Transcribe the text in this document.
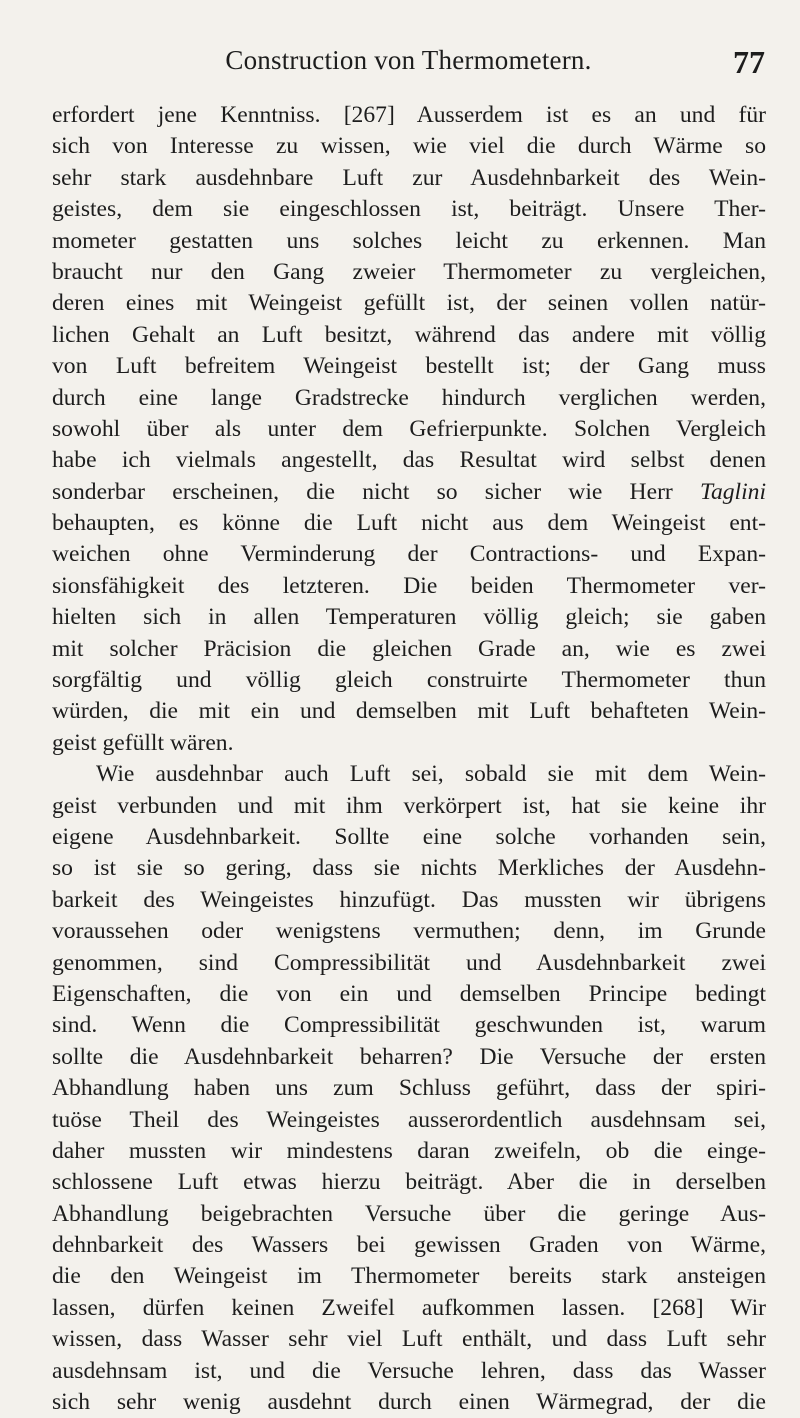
Construction von Thermometern.	77
erfordert jene Kenntniss. [267] Ausserdem ist es an und für
sich von Interesse zu wissen, wie viel die durch Wärme so
sehr stark ausdehnbare Luft zur Ausdehnbarkeit des Wein-
geistes, dem sie eingeschlossen ist, beiträgt. Unsere Ther-
mometer gestatten uns solches leicht zu erkennen. Man
braucht nur den Gang zweier Thermometer zu vergleichen,
deren eines mit Weingeist gefüllt ist, der seinen vollen natür-
lichen Gehalt an Luft besitzt, während das andere mit völlig
von Luft befreitem Weingeist bestellt ist; der Gang muss
durch eine lange Gradstrecke hindurch verglichen werden,
sowohl über als unter dem Gefrierpunkte. Solchen Vergleich
habe ich vielmals angestellt, das Resultat wird selbst denen
sonderbar erscheinen, die nicht so sicher wie Herr Taglini
behaupten, es könne die Luft nicht aus dem Weingeist ent-
weichen ohne Verminderung der Contractions- und Expan-
sionsfähigkeit des letzteren. Die beiden Thermometer ver-
hielten sich in allen Temperaturen völlig gleich; sie gaben
mit solcher Präcision die gleichen Grade an, wie es zwei
sorgfältig und völlig gleich construirte Thermometer thun
würden, die mit ein und demselben mit Luft behafteten Wein-
geist gefüllt wären.
Wie ausdehnbar auch Luft sei, sobald sie mit dem Wein-
geist verbunden und mit ihm verkörpert ist, hat sie keine ihr
eigene Ausdehnbarkeit. Sollte eine solche vorhanden sein,
so ist sie so gering, dass sie nichts Merkliches der Ausdehn-
barkeit des Weingeistes hinzufügt. Das mussten wir übrigens
voraussehen oder wenigstens vermuthen; denn, im Grunde
genommen, sind Compressibilität und Ausdehnbarkeit zwei
Eigenschaften, die von ein und demselben Principe bedingt
sind. Wenn die Compressibilität geschwunden ist, warum
sollte die Ausdehnbarkeit beharren? Die Versuche der ersten
Abhandlung haben uns zum Schluss geführt, dass der spiri-
tuöse Theil des Weingeistes ausserordentlich ausdehnsam sei,
daher mussten wir mindestens daran zweifeln, ob die einge-
schlossene Luft etwas hierzu beiträgt. Aber die in derselben
Abhandlung beigebrachten Versuche über die geringe Aus-
dehnbarkeit des Wassers bei gewissen Graden von Wärme,
die den Weingeist im Thermometer bereits stark ansteigen
lassen, dürfen keinen Zweifel aufkommen lassen. [268] Wir
wissen, dass Wasser sehr viel Luft enthält, und dass Luft sehr
ausdehnsam ist, und die Versuche lehren, dass das Wasser
sich sehr wenig ausdehnt durch einen Wärmegrad, der die
